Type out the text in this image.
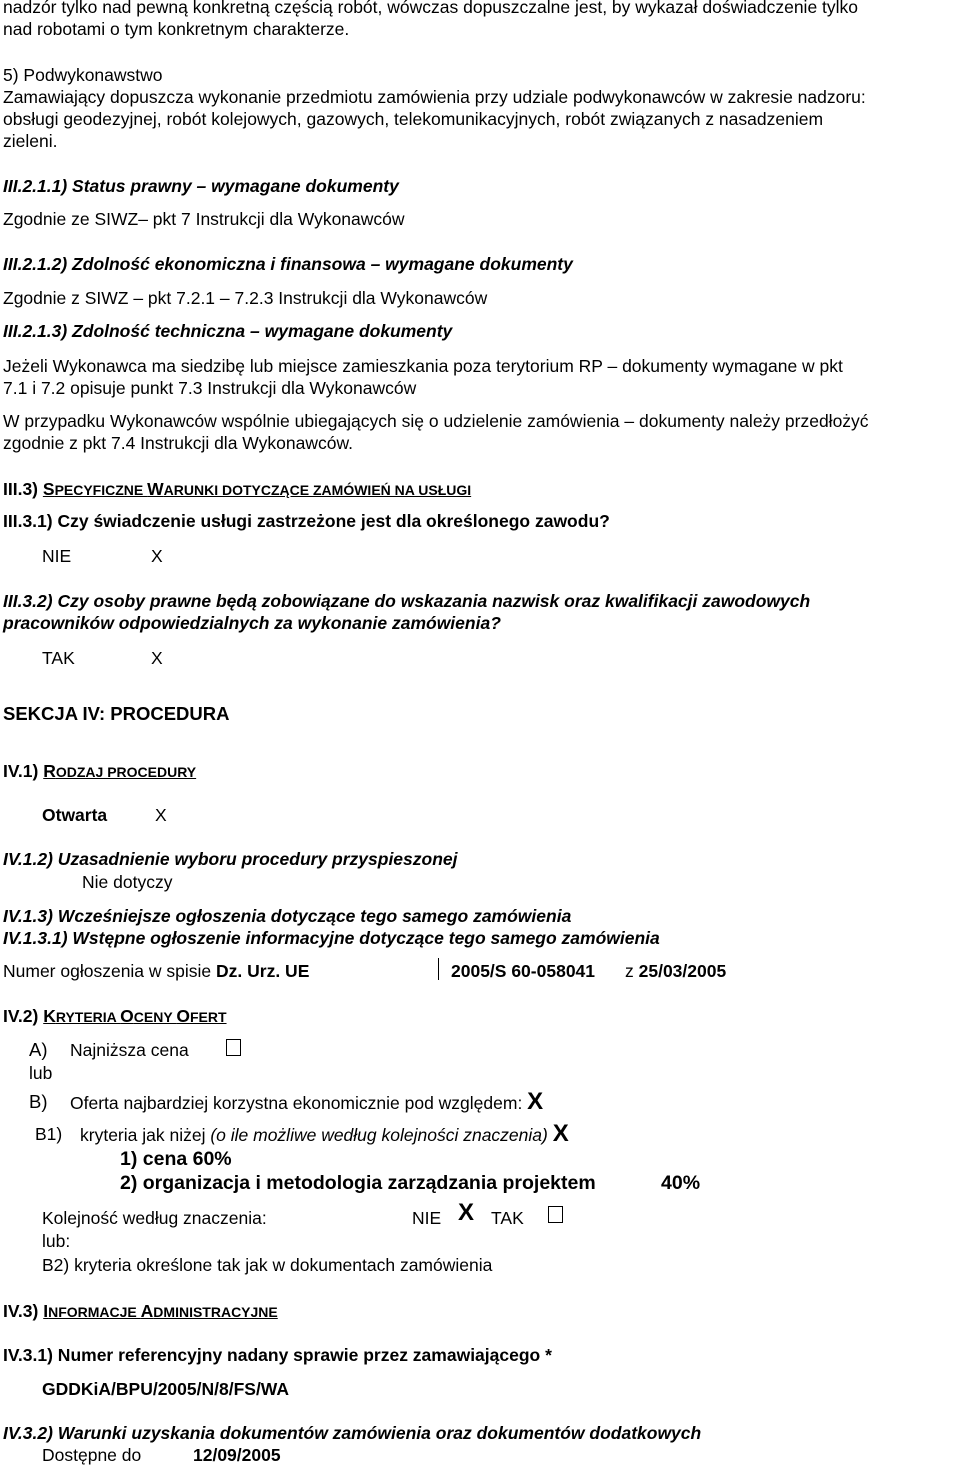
nadzór tylko nad pewną konkretną częścią robót, wówczas dopuszczalne jest, by wykazał doświadczenie tylko
nad robotami o tym konkretnym charakterze.
5) Podwykonawstwo
Zamawiający dopuszcza wykonanie przedmiotu zamówienia przy udziale podwykonawców w zakresie nadzoru:
obsługi geodezyjnej, robót kolejowych, gazowych, telekomunikacyjnych, robót związanych z nasadzeniem
zieleni.
III.2.1.1) Status prawny – wymagane dokumenty
Zgodnie ze SIWZ– pkt 7 Instrukcji dla Wykonawców
III.2.1.2) Zdolność ekonomiczna i finansowa – wymagane dokumenty
Zgodnie z SIWZ – pkt 7.2.1 – 7.2.3 Instrukcji dla Wykonawców
III.2.1.3) Zdolność techniczna – wymagane dokumenty
Jeżeli Wykonawca ma siedzibę lub miejsce zamieszkania poza terytorium RP – dokumenty wymagane w pkt
7.1 i 7.2 opisuje punkt 7.3 Instrukcji dla Wykonawców
W przypadku Wykonawców wspólnie ubiegających się o udzielenie zamówienia – dokumenty należy przedłożyć
zgodnie z pkt 7.4 Instrukcji dla Wykonawców.
III.3) SPECYFICZNE WARUNKI DOTYCZĄCE ZAMÓWIEŃ NA USŁUGI
III.3.1) Czy świadczenie usługi zastrzeżone jest dla określonego zawodu?
NIE	X
III.3.2) Czy osoby prawne będą zobowiązane do wskazania nazwisk oraz kwalifikacji zawodowych
pracowników odpowiedzialnych za wykonanie zamówienia?
TAK	X
SEKCJA IV: PROCEDURA
IV.1) RODZAJ PROCEDURY
Otwarta	X
IV.1.2) Uzasadnienie wyboru procedury przyspieszonej
Nie dotyczy
IV.1.3) Wcześniejsze ogłoszenia dotyczące tego samego zamówienia
IV.1.3.1) Wstępne ogłoszenie informacyjne dotyczące tego samego zamówienia
Numer ogłoszenia w spisie Dz. Urz. UE	2005/S 60-058041 z 25/03/2005
IV.2) KRYTERIA OCENY OFERT
A) Najniższa cena
lub
B) Oferta najbardziej korzystna ekonomicznie pod względem: X
B1) kryteria jak niżej (o ile możliwe według kolejności znaczenia) X
1) cena 60%
2) organizacja i metodologia zarządzania projektem	40%
Kolejność według znaczenia:	NIE X TAK
lub:
B2) kryteria określone tak jak w dokumentach zamówienia
IV.3) INFORMACJE ADMINISTRACYJNE
IV.3.1) Numer referencyjny nadany sprawie przez zamawiającego *
GDDKiA/BPU/2005/N/8/FS/WA
IV.3.2) Warunki uzyskania dokumentów zamówienia oraz dokumentów dodatkowych
Dostępne do	12/09/2005
